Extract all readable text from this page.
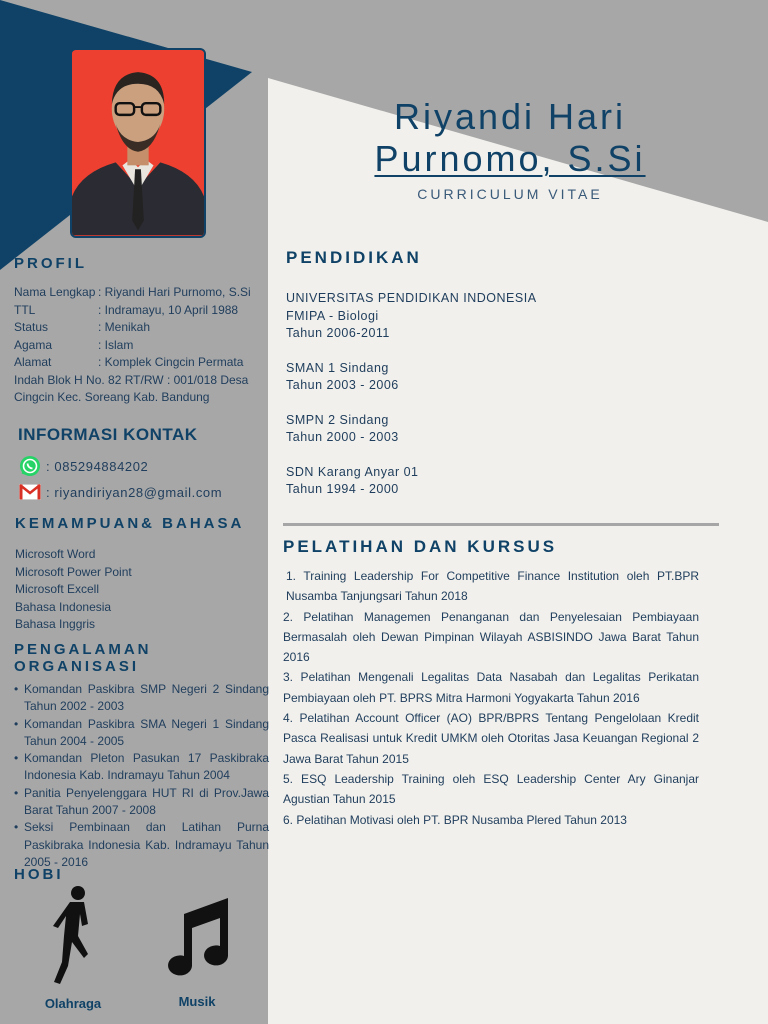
Riyandi Hari
Purnomo, S.Si
CURRICULUM VITAE
PROFIL
Nama Lengkap : Riyandi Hari Purnomo, S.Si
TTL	: Indramayu, 10 April 1988
Status	: Menikah
Agama	: Islam
Alamat	: Komplek Cingcin Permata
Indah Blok H No. 82 RT/RW : 001/018 Desa Cingcin Kec. Soreang Kab. Bandung
INFORMASI KONTAK
: 085294884202
: riyandiriyan28@gmail.com
KEMAMPUAN& BAHASA
Microsoft Word
Microsoft Power Point
Microsoft Excell
Bahasa Indonesia
Bahasa Inggris
PENGALAMAN ORGANISASI
• Komandan Paskibra SMP Negeri 2 Sindang Tahun 2002 - 2003
• Komandan Paskibra SMA Negeri 1 Sindang Tahun 2004 - 2005
• Komandan Pleton Pasukan 17 Paskibraka Indonesia Kab. Indramayu Tahun 2004
• Panitia Penyelenggara HUT RI di Prov.Jawa Barat Tahun 2007 - 2008
• Seksi Pembinaan dan Latihan Purna Paskibraka Indonesia Kab. Indramayu Tahun 2005 - 2016
HOBI
Olahraga	Musik
PENDIDIKAN
UNIVERSITAS PENDIDIKAN INDONESIA
FMIPA - Biologi
Tahun 2006-2011
SMAN 1 Sindang
Tahun 2003 - 2006
SMPN 2 Sindang
Tahun 2000 - 2003
SDN Karang Anyar 01
Tahun 1994 - 2000
PELATIHAN DAN KURSUS
1. Training Leadership For Competitive Finance Institution oleh PT.BPR Nusamba Tanjungsari Tahun 2018
2. Pelatihan Managemen Penanganan dan Penyelesaian Pembiayaan Bermasalah oleh Dewan Pimpinan Wilayah ASBISINDO Jawa Barat Tahun 2016
3. Pelatihan Mengenali Legalitas Data Nasabah dan Legalitas Perikatan Pembiayaan oleh PT. BPRS Mitra Harmoni Yogyakarta Tahun 2016
4. Pelatihan Account Officer (AO) BPR/BPRS Tentang Pengelolaan Kredit Pasca Realisasi untuk Kredit UMKM oleh Otoritas Jasa Keuangan Regional 2 Jawa Barat Tahun 2015
5. ESQ Leadership Training oleh ESQ Leadership Center Ary Ginanjar Agustian Tahun 2015
6. Pelatihan Motivasi oleh PT. BPR Nusamba Plered Tahun 2013
